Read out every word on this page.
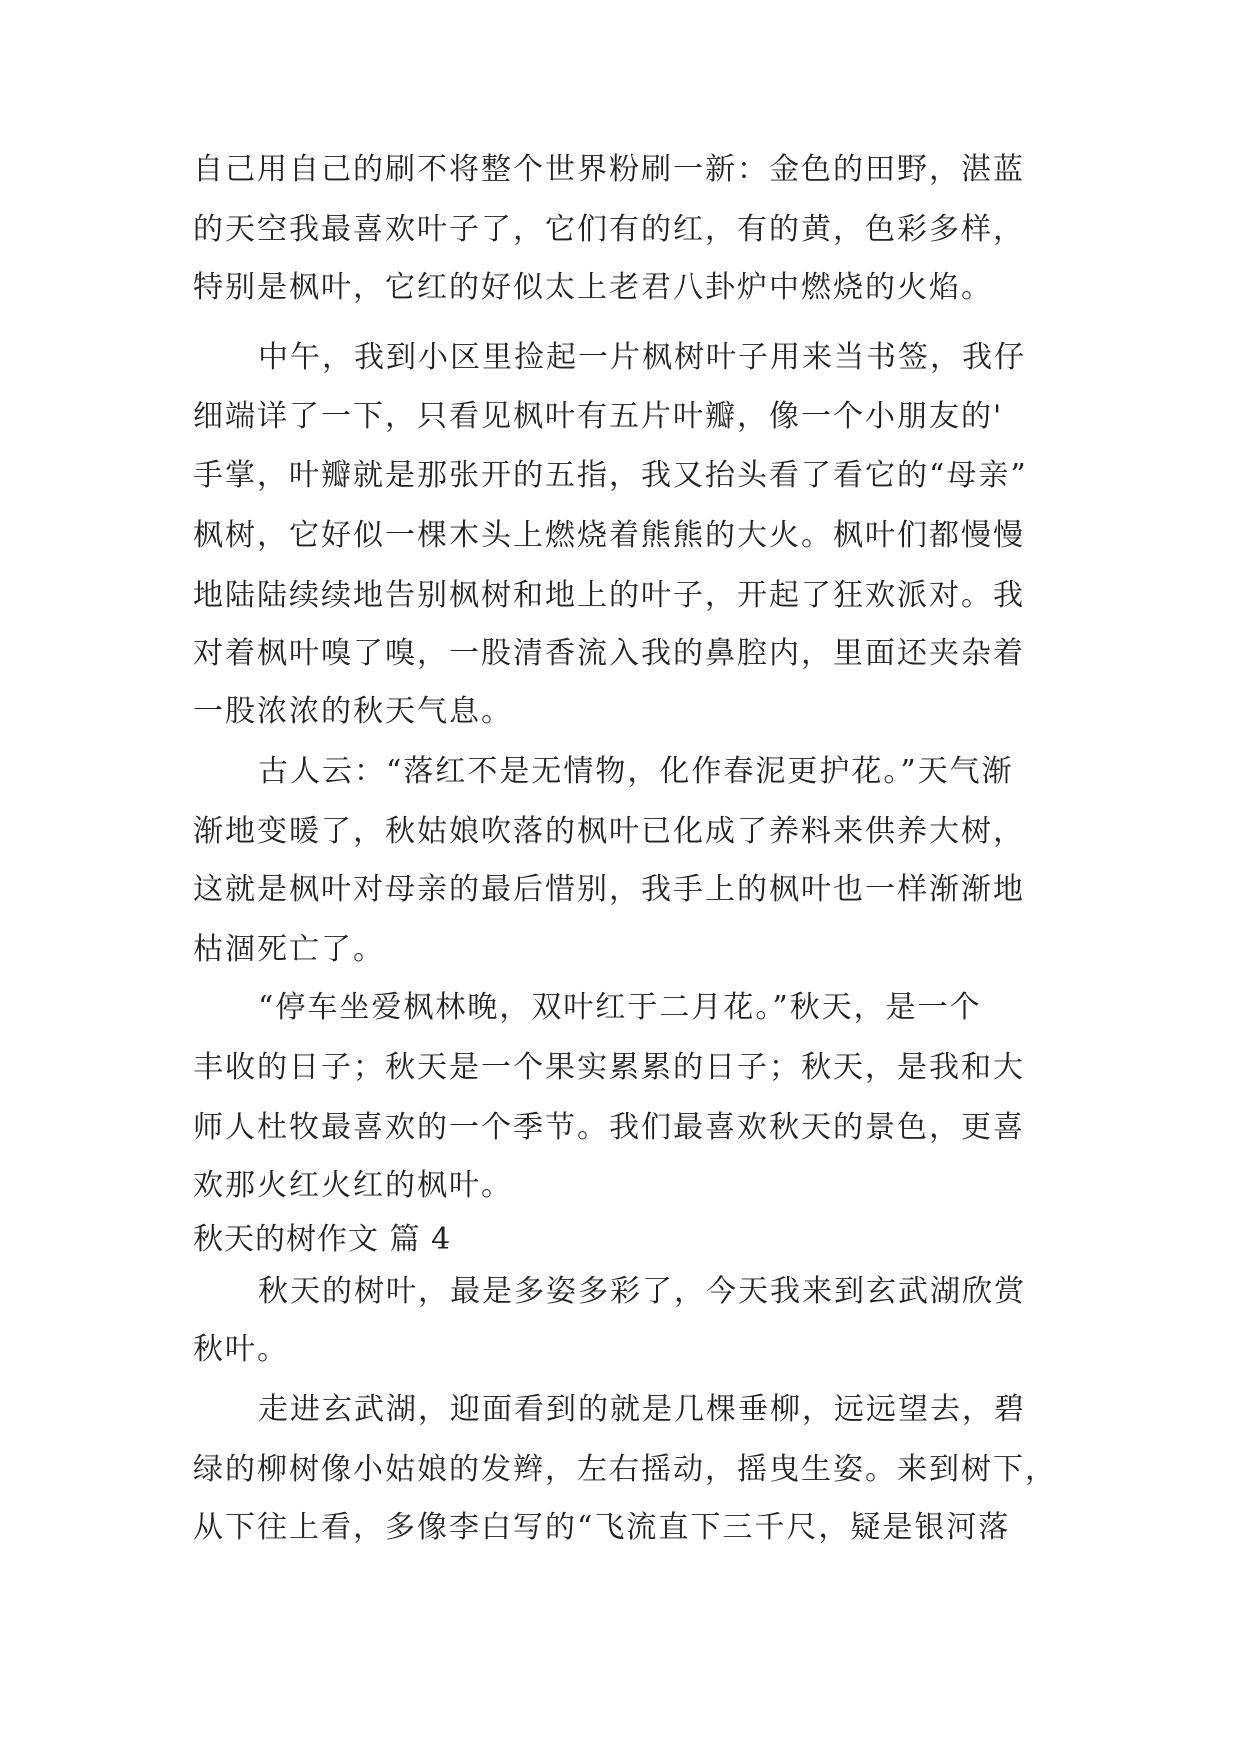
自己用自己的刷不将整个世界粉刷一新：金色的田野，湛蓝
的天空我最喜欢叶子了，它们有的红，有的黄，色彩多样，
特别是枫叶，它红的好似太上老君八卦炉中燃烧的火焰。
中午，我到小区里捡起一片枫树叶子用来当书签，我仔
细端详了一下，只看见枫叶有五片叶瓣，像一个小朋友的'
手掌，叶瓣就是那张开的五指，我又抬头看了看它的“母亲”
枫树，它好似一棵木头上燃烧着熊熊的大火。枫叶们都慢慢
地陆陆续续地告别枫树和地上的叶子，开起了狂欢派对。我
对着枫叶嗅了嗅，一股清香流入我的鼻腔内，里面还夹杂着
一股浓浓的秋天气息。
古人云：“落红不是无情物，化作春泥更护花。”天气渐
渐地变暖了，秋姑娘吹落的枫叶已化成了养料来供养大树，
这就是枫叶对母亲的最后惜别，我手上的枫叶也一样渐渐地
枯涸死亡了。
“停车坐爱枫林晚，双叶红于二月花。”秋天，是一个
丰收的日子；秋天是一个果实累累的日子；秋天，是我和大
师人杜牧最喜欢的一个季节。我们最喜欢秋天的景色，更喜
欢那火红火红的枫叶。
秋天的树作文 篇 4
秋天的树叶，最是多姿多彩了，今天我来到玄武湖欣赏
秋叶。
走进玄武湖，迎面看到的就是几棵垂柳，远远望去，碧
绿的柳树像小姑娘的发辫，左右摇动，摇曳生姿。来到树下，
从下往上看，多像李白写的“飞流直下三千尺，疑是银河落
